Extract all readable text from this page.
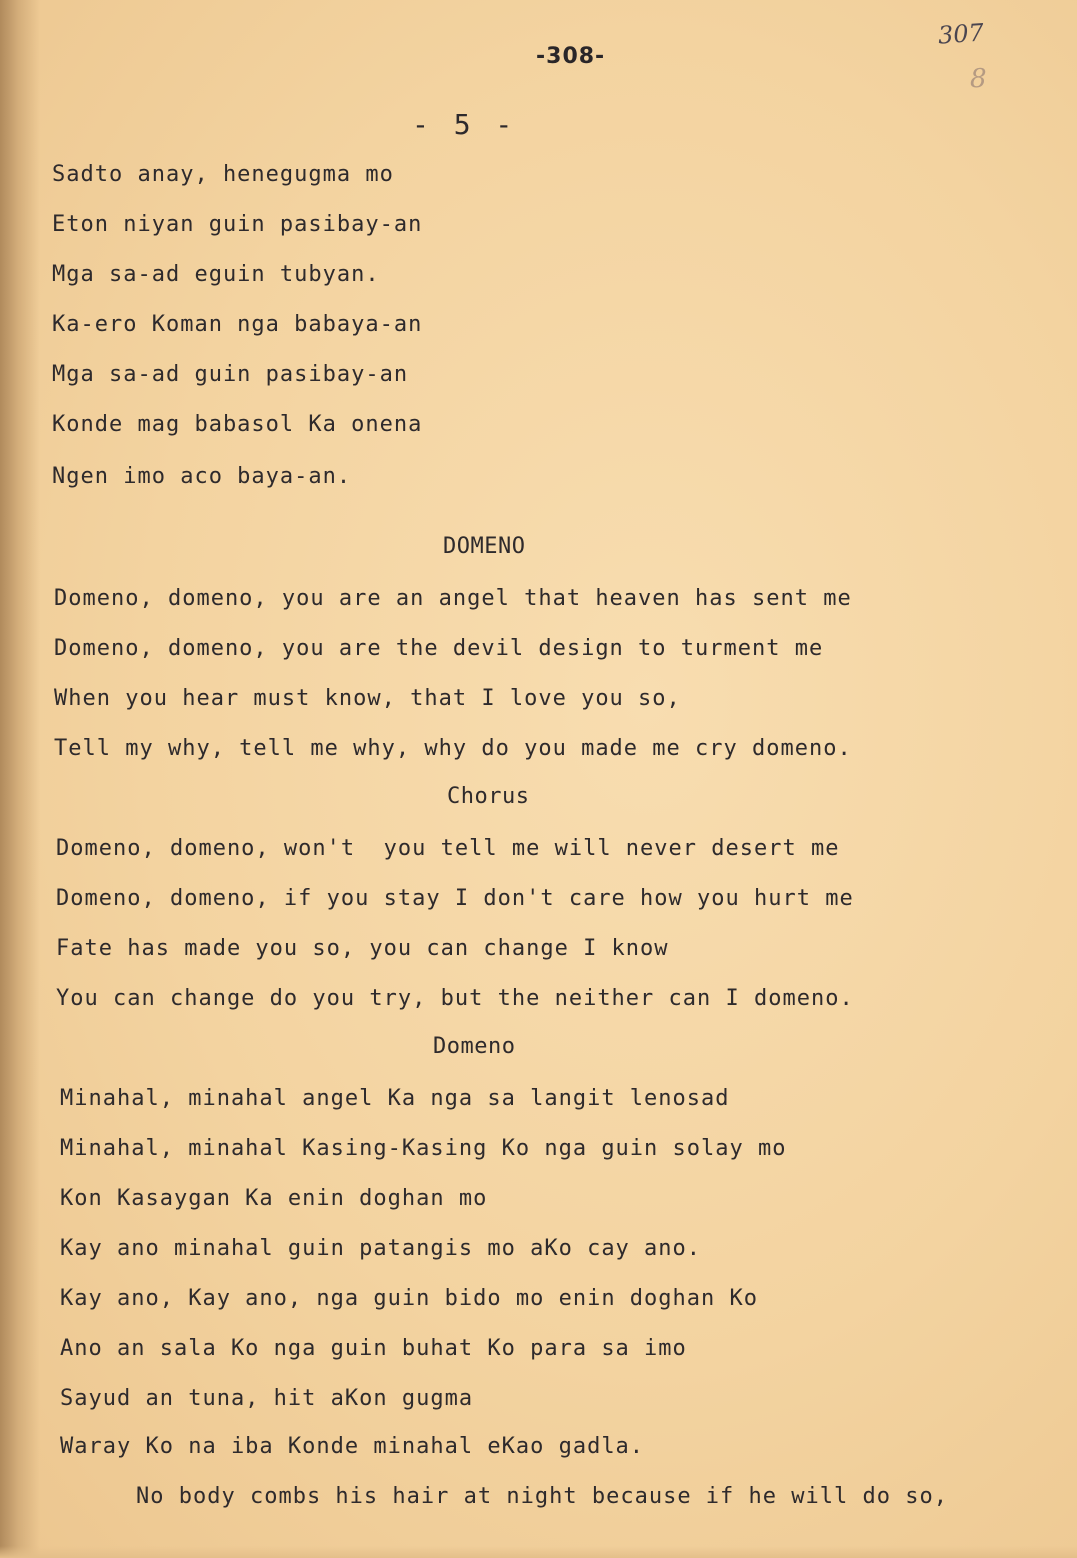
-308-
307
8
- 5 -
Sadto anay, henegugma mo
Eton niyan guin pasibay-an
Mga sa-ad eguin tubyan.
Ka-ero Koman nga babaya-an
Mga sa-ad guin pasibay-an
Konde mag babasol Ka onena
Ngen imo aco baya-an.
DOMENO
Domeno, domeno, you are an angel that heaven has sent me
Domeno, domeno, you are the devil design to turment me
When you hear must know, that I love you so,
Tell my why, tell me why, why do you made me cry domeno.
Chorus
Domeno, domeno, won't  you tell me will never desert me
Domeno, domeno, if you stay I don't care how you hurt me
Fate has made you so, you can change I know
You can change do you try, but the neither can I domeno.
Domeno
Minahal, minahal angel Ka nga sa langit lenosad
Minahal, minahal Kasing-Kasing Ko nga guin solay mo
Kon Kasaygan Ka enin doghan mo
Kay ano minahal guin patangis mo aKo cay ano.
Kay ano, Kay ano, nga guin bido mo enin doghan Ko
Ano an sala Ko nga guin buhat Ko para sa imo
Sayud an tuna, hit aKon gugma
Waray Ko na iba Konde minahal eKao gadla.
No body combs his hair at night because if he will do so,
